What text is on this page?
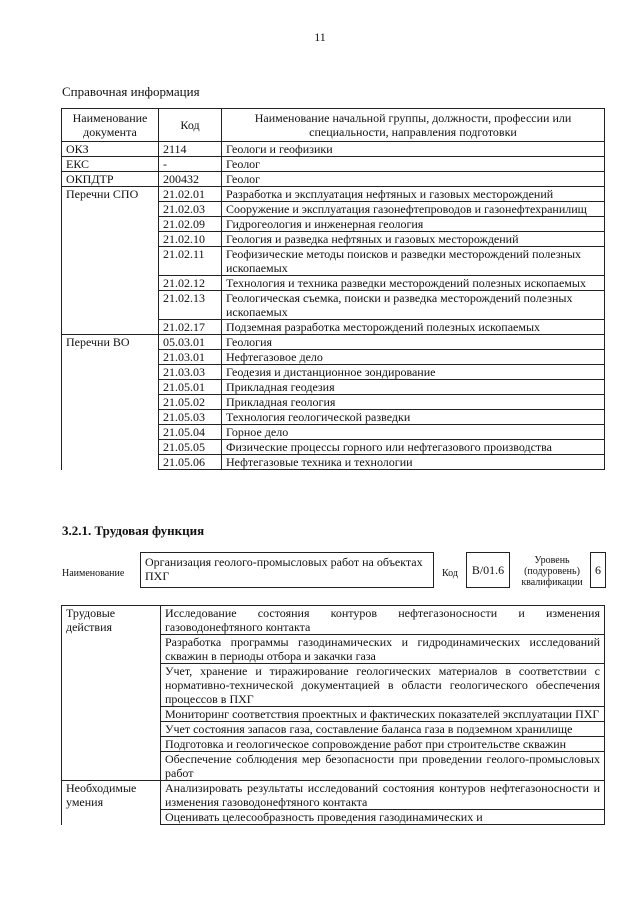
11
Справочная информация
Наименование документа	Код	Наименование начальной группы, должности, профессии или специальности, направления подготовки
ОКЗ	2114	Геологи и геофизики
ЕКС	-	Геолог
ОКПДТР	200432	Геолог
Перечни СПО	21.02.01	Разработка и эксплуатация нефтяных и газовых месторождений
	21.02.03	Сооружение и эксплуатация газонефтепроводов и газонефтехранилищ
	21.02.09	Гидрогеология и инженерная геология
	21.02.10	Геология и разведка нефтяных и газовых месторождений
	21.02.11	Геофизические методы поисков и разведки месторождений полезных ископаемых
	21.02.12	Технология и техника разведки месторождений полезных ископаемых
	21.02.13	Геологическая съемка, поиски и разведка месторождений полезных ископаемых
	21.02.17	Подземная разработка месторождений полезных ископаемых
Перечни ВО	05.03.01	Геология
	21.03.01	Нефтегазовое дело
	21.03.03	Геодезия и дистанционное зондирование
	21.05.01	Прикладная геодезия
	21.05.02	Прикладная геология
	21.05.03	Технология геологической разведки
	21.05.04	Горное дело
	21.05.05	Физические процессы горного или нефтегазового производства
	21.05.06	Нефтегазовые техника и технологии
3.2.1. Трудовая функция
Наименование
Организация геолого-промысловых работ на объектах ПХГ	Код	B/01.6
Уровень (подуровень) квалификации
6
Трудовые действия	Исследование состояния контуров нефтегазоносности и изменения газоводонефтяного контакта
	Разработка программы газодинамических и гидродинамических исследований скважин в периоды отбора и закачки газа
	Учет, хранение и тиражирование геологических материалов в соответствии с нормативно-технической документацией в области геологического обеспечения процессов в ПХГ
	Мониторинг соответствия проектных и фактических показателей эксплуатации ПХГ
	Учет состояния запасов газа, составление баланса газа в подземном хранилище
	Подготовка и геологическое сопровождение работ при строительстве скважин
	Обеспечение соблюдения мер безопасности при проведении геолого-промысловых работ
Необходимые умения	Анализировать результаты исследований состояния контуров нефтегазоносности и изменения газоводонефтяного контакта
	Оценивать целесообразность проведения газодинамических и
